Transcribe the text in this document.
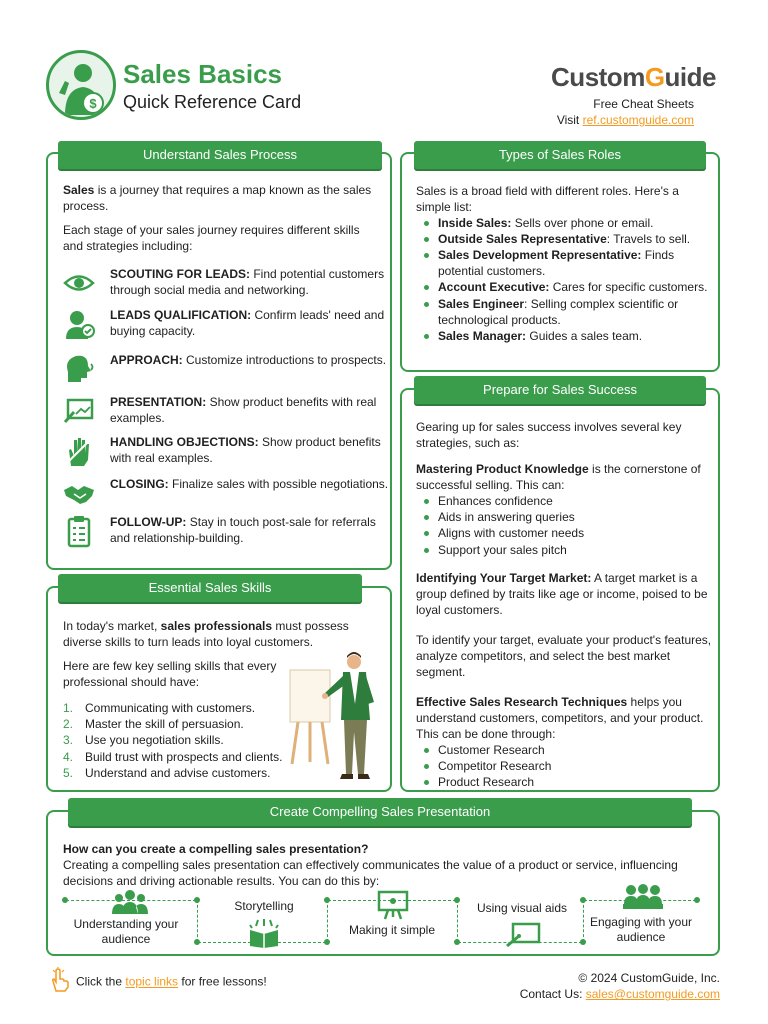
$
Sales Basics
Quick Reference Card
CustomGuide
Free Cheat Sheets
Visit ref.customguide.com
Understand Sales Process

Sales is a journey that requires a map known as the sales process.

Each stage of your sales journey requires different skills and strategies including:

SCOUTING FOR LEADS: Find potential customers through social media and networking.
LEADS QUALIFICATION: Confirm leads' need and buying capacity.
APPROACH: Customize introductions to prospects.
PRESENTATION: Show product benefits with real examples.
HANDLING OBJECTIONS: Show product benefits with real examples.
CLOSING: Finalize sales with possible negotiations.
FOLLOW-UP: Stay in touch post-sale for referrals and relationship-building.
Types of Sales Roles
Sales is a broad field with different roles. Here's a simple list:
Inside Sales: Sells over phone or email.
Outside Sales Representative: Travels to sell.
Sales Development Representative: Finds potential customers.
Account Executive: Cares for specific customers.
Sales Engineer: Selling complex scientific or technological products.
Sales Manager: Guides a sales team.
Prepare for Sales Success

Gearing up for sales success involves several key strategies, such as:

Mastering Product Knowledge is the cornerstone of successful selling. This can:
Enhances confidence
Aids in answering queries
Aligns with customer needs
Support your sales pitch

Identifying Your Target Market: A target market is a group defined by traits like age or income, poised to be loyal customers.

To identify your target, evaluate your product's features, analyze competitors, and select the best market segment.

Effective Sales Research Techniques helps you understand customers, competitors, and your product. This can be done through:
Customer Research
Competitor Research
Product Research
Essential Sales Skills

In today's market, sales professionals must possess diverse skills to turn leads into loyal customers.

Here are few key selling skills that every professional should have:

1. Communicating with customers.
2. Master the skill of persuasion.
3. Use you negotiation skills.
4. Build trust with prospects and clients.
5. Understand and advise customers.
Create Compelling Sales Presentation
How can you create a compelling sales presentation?
Creating a compelling sales presentation can effectively communicates the value of a product or service, influencing decisions and driving actionable results. You can do this by:
Understanding your audience
Storytelling
Making it simple
Using visual aids
Engaging with your audience
Click the topic links for free lessons!	© 2024 CustomGuide, Inc.
Contact Us: sales@customguide.com
